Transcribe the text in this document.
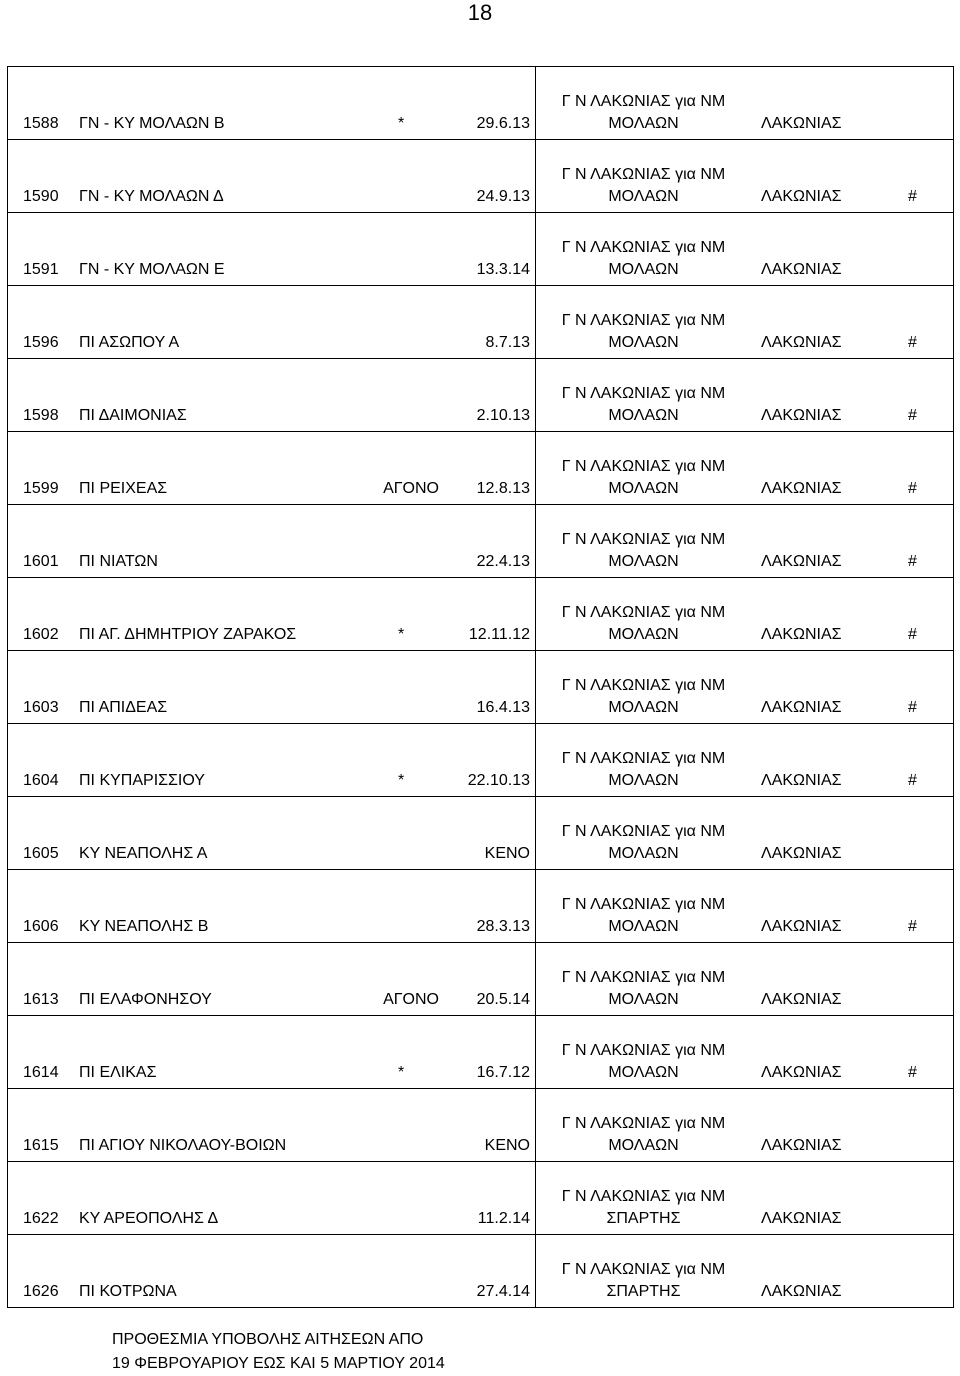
18
1588 ΓΝ - ΚΥ ΜΟΛΑΩΝ Β * 29.6.13	Γ Ν ΛΑΚΩΝΙΑΣ για ΝΜ
ΜΟΛΑΩΝ ΛΑΚΩΝΙΑΣ

1590 ΓΝ - ΚΥ ΜΟΛΑΩΝ Δ 24.9.13	Γ Ν ΛΑΚΩΝΙΑΣ για ΝΜ
ΜΟΛΑΩΝ ΛΑΚΩΝΙΑΣ #

1591 ΓΝ - ΚΥ ΜΟΛΑΩΝ Ε 13.3.14	Γ Ν ΛΑΚΩΝΙΑΣ για ΝΜ
ΜΟΛΑΩΝ ΛΑΚΩΝΙΑΣ

1596 ΠΙ ΑΣΩΠΟΥ Α 8.7.13	Γ Ν ΛΑΚΩΝΙΑΣ για ΝΜ
ΜΟΛΑΩΝ ΛΑΚΩΝΙΑΣ #

1598 ΠΙ ΔΑΙΜΟΝΙΑΣ 2.10.13	Γ Ν ΛΑΚΩΝΙΑΣ για ΝΜ
ΜΟΛΑΩΝ ΛΑΚΩΝΙΑΣ #

1599 ΠΙ ΡΕΙΧΕΑΣ ΑΓΟΝΟ 12.8.13	Γ Ν ΛΑΚΩΝΙΑΣ για ΝΜ
ΜΟΛΑΩΝ ΛΑΚΩΝΙΑΣ #

1601 ΠΙ ΝΙΑΤΩΝ 22.4.13	Γ Ν ΛΑΚΩΝΙΑΣ για ΝΜ
ΜΟΛΑΩΝ ΛΑΚΩΝΙΑΣ #

1602 ΠΙ ΑΓ. ΔΗΜΗΤΡΙΟΥ ΖΑΡΑΚΟΣ * 12.11.12	Γ Ν ΛΑΚΩΝΙΑΣ για ΝΜ
ΜΟΛΑΩΝ ΛΑΚΩΝΙΑΣ #

1603 ΠΙ ΑΠΙΔΕΑΣ 16.4.13	Γ Ν ΛΑΚΩΝΙΑΣ για ΝΜ
ΜΟΛΑΩΝ ΛΑΚΩΝΙΑΣ #

1604 ΠΙ ΚΥΠΑΡΙΣΣΙΟΥ * 22.10.13	Γ Ν ΛΑΚΩΝΙΑΣ για ΝΜ
ΜΟΛΑΩΝ ΛΑΚΩΝΙΑΣ #

1605 ΚΥ ΝΕΑΠΟΛΗΣ Α ΚΕΝΟ	Γ Ν ΛΑΚΩΝΙΑΣ για ΝΜ
ΜΟΛΑΩΝ ΛΑΚΩΝΙΑΣ

1606 ΚΥ ΝΕΑΠΟΛΗΣ Β 28.3.13	Γ Ν ΛΑΚΩΝΙΑΣ για ΝΜ
ΜΟΛΑΩΝ ΛΑΚΩΝΙΑΣ #

1613 ΠΙ ΕΛΑΦΟΝΗΣΟΥ ΑΓΟΝΟ 20.5.14	Γ Ν ΛΑΚΩΝΙΑΣ για ΝΜ
ΜΟΛΑΩΝ ΛΑΚΩΝΙΑΣ

1614 ΠΙ ΕΛΙΚΑΣ * 16.7.12	Γ Ν ΛΑΚΩΝΙΑΣ για ΝΜ
ΜΟΛΑΩΝ ΛΑΚΩΝΙΑΣ #

1615 ΠΙ ΑΓΙΟΥ ΝΙΚΟΛΑΟΥ-ΒΟΙΩΝ ΚΕΝΟ	Γ Ν ΛΑΚΩΝΙΑΣ για ΝΜ
ΜΟΛΑΩΝ ΛΑΚΩΝΙΑΣ

1622 ΚΥ ΑΡΕΟΠΟΛΗΣ Δ 11.2.14	Γ Ν ΛΑΚΩΝΙΑΣ για ΝΜ
ΣΠΑΡΤΗΣ ΛΑΚΩΝΙΑΣ

1626 ΠΙ ΚΟΤΡΩΝΑ 27.4.14	Γ Ν ΛΑΚΩΝΙΑΣ για ΝΜ
ΣΠΑΡΤΗΣ ΛΑΚΩΝΙΑΣ
ΠΡΟΘΕΣΜΙΑ ΥΠΟΒΟΛΗΣ ΑΙΤΗΣΕΩΝ ΑΠΟ
19 ΦΕΒΡΟΥΑΡΙΟΥ ΕΩΣ ΚΑΙ 5 ΜΑΡΤΙΟΥ 2014
